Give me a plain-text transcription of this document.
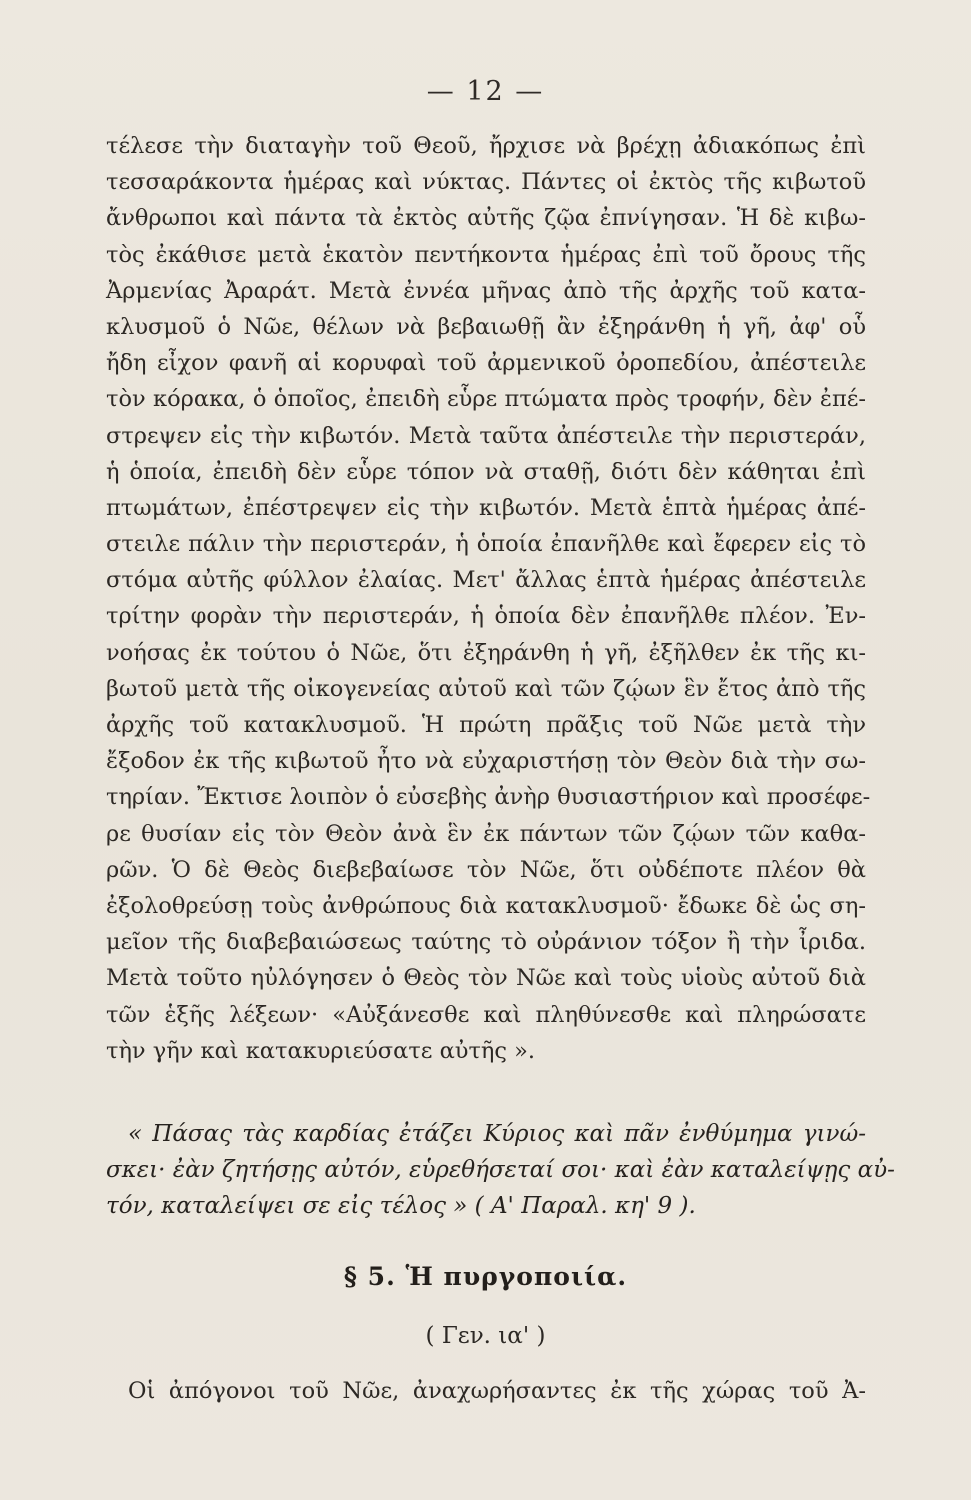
— 12 —
τέλεσε τὴν διαταγὴν τοῦ Θεοῦ, ἤρχισε νὰ βρέχῃ ἀδιακόπως ἐπὶ
τεσσαράκοντα ἡμέρας καὶ νύκτας. Πάντες οἱ ἐκτὸς τῆς κιβωτοῦ
ἄνθρωποι καὶ πάντα τὰ ἐκτὸς αὐτῆς ζῷα ἐπνίγησαν. Ἡ δὲ κιβω-
τὸς ἐκάθισε μετὰ ἑκατὸν πεντήκοντα ἡμέρας ἐπὶ τοῦ ὄρους τῆς
Ἀρμενίας Ἀραράτ. Μετὰ ἐννέα μῆνας ἀπὸ τῆς ἀρχῆς τοῦ κατα-
κλυσμοῦ ὁ Νῶε, θέλων νὰ βεβαιωθῇ ἂν ἐξηράνθη ἡ γῆ, ἀφ' οὗ
ἤδη εἶχον φανῆ αἱ κορυφαὶ τοῦ ἀρμενικοῦ ὀροπεδίου, ἀπέστειλε
τὸν κόρακα, ὁ ὁποῖος, ἐπειδὴ εὗρε πτώματα πρὸς τροφήν, δὲν ἐπέ-
στρεψεν εἰς τὴν κιβωτόν. Μετὰ ταῦτα ἀπέστειλε τὴν περιστεράν,
ἡ ὁποία, ἐπειδὴ δὲν εὗρε τόπον νὰ σταθῇ, διότι δὲν κάθηται ἐπὶ
πτωμάτων, ἐπέστρεψεν εἰς τὴν κιβωτόν. Μετὰ ἑπτὰ ἡμέρας ἀπέ-
στειλε πάλιν τὴν περιστεράν, ἡ ὁποία ἐπανῆλθε καὶ ἔφερεν εἰς τὸ
στόμα αὐτῆς φύλλον ἐλαίας. Μετ' ἄλλας ἑπτὰ ἡμέρας ἀπέστειλε
τρίτην φορὰν τὴν περιστεράν, ἡ ὁποία δὲν ἐπανῆλθε πλέον. Ἐν-
νοήσας ἐκ τούτου ὁ Νῶε, ὅτι ἐξηράνθη ἡ γῆ, ἐξῆλθεν ἐκ τῆς κι-
βωτοῦ μετὰ τῆς οἰκογενείας αὐτοῦ καὶ τῶν ζῴων ἓν ἔτος ἀπὸ τῆς
ἀρχῆς τοῦ κατακλυσμοῦ. Ἡ πρώτη πρᾶξις τοῦ Νῶε μετὰ τὴν
ἔξοδον ἐκ τῆς κιβωτοῦ ἦτο νὰ εὐχαριστήσῃ τὸν Θεὸν διὰ τὴν σω-
τηρίαν. Ἔκτισε λοιπὸν ὁ εὐσεβὴς ἀνὴρ θυσιαστήριον καὶ προσέφε-
ρε θυσίαν εἰς τὸν Θεὸν ἀνὰ ἓν ἐκ πάντων τῶν ζῴων τῶν καθα-
ρῶν. Ὁ δὲ Θεὸς διεβεβαίωσε τὸν Νῶε, ὅτι οὐδέποτε πλέον θὰ
ἐξολοθρεύσῃ τοὺς ἀνθρώπους διὰ κατακλυσμοῦ· ἔδωκε δὲ ὡς ση-
μεῖον τῆς διαβεβαιώσεως ταύτης τὸ οὐράνιον τόξον ἢ τὴν ἶριδα.
Μετὰ τοῦτο ηὐλόγησεν ὁ Θεὸς τὸν Νῶε καὶ τοὺς υἱοὺς αὐτοῦ διὰ
τῶν ἑξῆς λέξεων· «Αὐξάνεσθε καὶ πληθύνεσθε καὶ πληρώσατε
τὴν γῆν καὶ κατακυριεύσατε αὐτῆς ».
« Πάσας τὰς καρδίας ἐτάζει Κύριος καὶ πᾶν ἐνθύμημα γινώ-
σκει· ἐὰν ζητήσῃς αὐτόν, εὑρεθήσεταί σοι· καὶ ἐὰν καταλείψῃς αὐ-
τόν, καταλείψει σε εἰς τέλος » ( Α' Παραλ. κη' 9 ).
§ 5. Ἡ πυργοποιία.
( Γεν. ια' )
Οἱ ἀπόγονοι τοῦ Νῶε, ἀναχωρήσαντες ἐκ τῆς χώρας τοῦ Ἀ-
